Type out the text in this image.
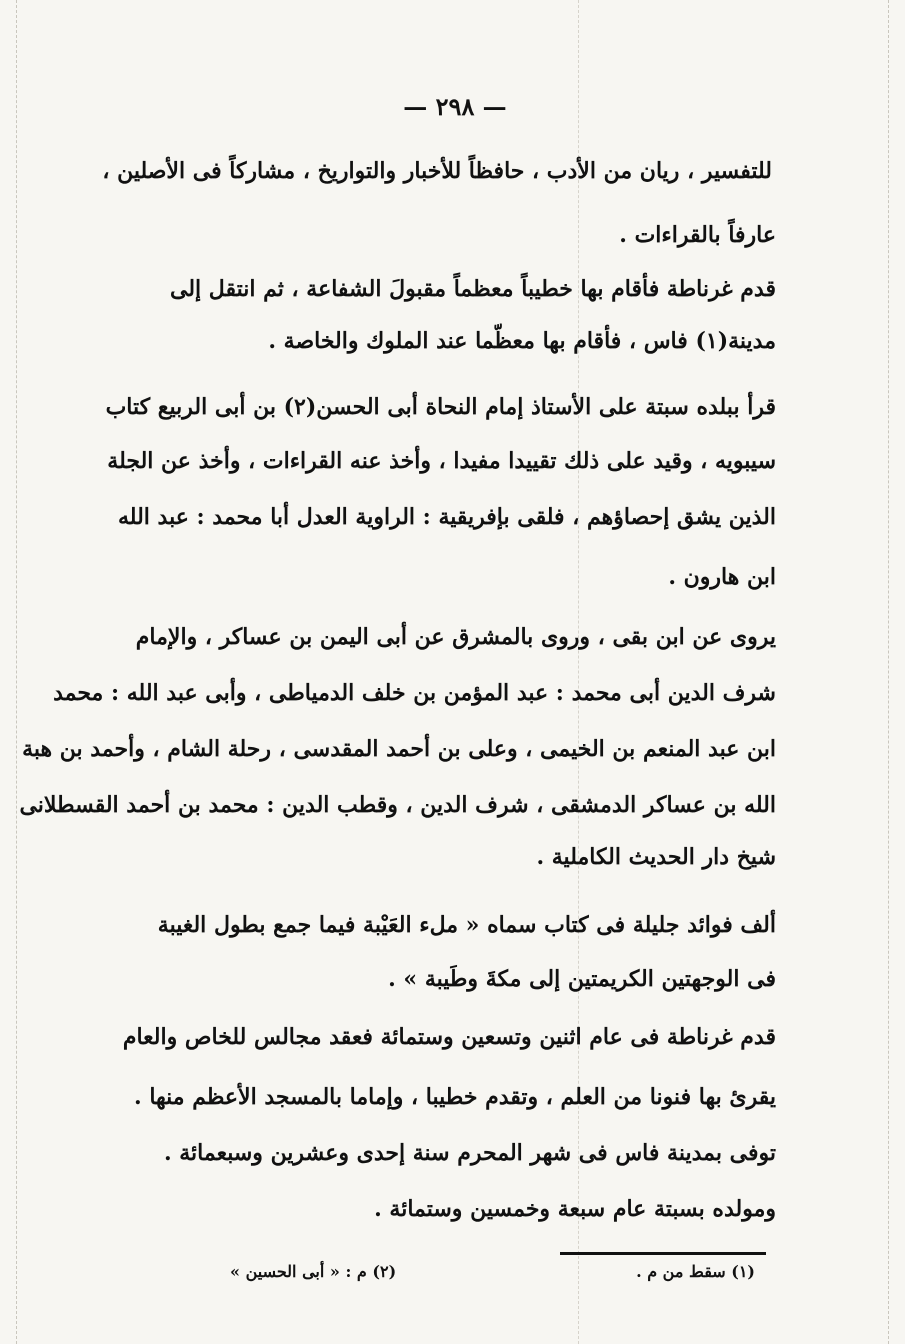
— ٢٩٨ —
للتفسير ، ريان من الأدب ، حافظاً للأخبار والتواريخ ، مشاركاً فى الأصلين ،
عارفاً بالقراءات .
قدم غرناطة فأقام بها خطيباً معظماً مقبولَ الشفاعة ، ثم انتقل إلى
مدينة(١) فاس ، فأقام بها معظّما عند الملوك والخاصة .
قرأ ببلده سبتة على الأستاذ إمام النحاة أبى الحسن(٢) بن أبى الربيع كتاب
سيبويه ، وقيد على ذلك تقييدا مفيدا ، وأخذ عنه القراءات ، وأخذ عن الجلة
الذين يشق إحصاؤهم ، فلقى بإفريقية : الراوية العدل أبا محمد : عبد الله
ابن هارون .
يروى عن ابن بقى ، وروى بالمشرق عن أبى اليمن بن عساكر ، والإمام
شرف الدين أبى محمد : عبد المؤمن بن خلف الدمياطى ، وأبى عبد الله : محمد
ابن عبد المنعم بن الخيمى ، وعلى بن أحمد المقدسى ، رحلة الشام ، وأحمد بن هبة
الله بن عساكر الدمشقى ، شرف الدين ، وقطب الدين : محمد بن أحمد القسطلانى
شيخ دار الحديث الكاملية .
ألف فوائد جليلة فى كتاب سماه « ملء العَيْبة فيما جمع بطول الغيبة
فى الوجهتين الكريمتين إلى مكةَ وطَيبة » .
قدم غرناطة فى عام اثنين وتسعين وستمائة فعقد مجالس للخاص والعام
يقرئ بها فنونا من العلم ، وتقدم خطيبا ، وإماما بالمسجد الأعظم منها .
توفى بمدينة فاس فى شهر المحرم سنة إحدى وعشرين وسبعمائة .
ومولده بسبتة عام سبعة وخمسين وستمائة .
(١) سقط من م .
(٢) م : « أبى الحسين »
